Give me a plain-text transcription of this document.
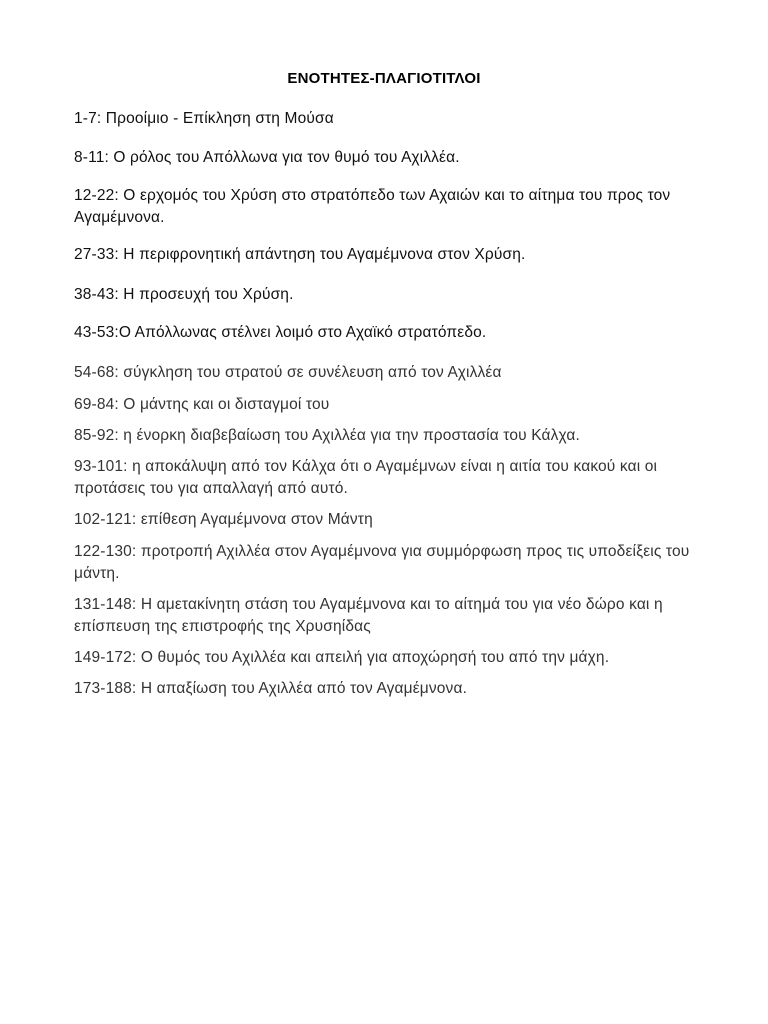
ΕΝΟΤΗΤΕΣ-ΠΛΑΓΙΟΤΙΤΛΟΙ
1-7: Προοίμιο - Επίκληση στη Μούσα
8-11: Ο ρόλος του Απόλλωνα για τον θυμό του Αχιλλέα.
12-22: Ο ερχομός του Χρύση στο στρατόπεδο των Αχαιών και το αίτημα του προς τον Αγαμέμνονα.
27-33: Η περιφρονητική απάντηση του Αγαμέμνονα στον Χρύση.
38-43: Η προσευχή του Χρύση.
43-53:Ο Απόλλωνας στέλνει λοιμό στο Αχαϊκό στρατόπεδο.
54-68: σύγκληση του στρατού σε συνέλευση από τον Αχιλλέα
69-84: Ο μάντης και οι δισταγμοί του
85-92: η ένορκη διαβεβαίωση του Αχιλλέα για την προστασία του Κάλχα.
93-101: η αποκάλυψη από τον Κάλχα ότι ο Αγαμέμνων είναι η αιτία του κακού και οι προτάσεις του για απαλλαγή από αυτό.
102-121: επίθεση Αγαμέμνονα στον Μάντη
122-130: προτροπή Αχιλλέα στον Αγαμέμνονα για συμμόρφωση προς τις υποδείξεις του μάντη.
131-148: Η αμετακίνητη στάση του Αγαμέμνονα και το αίτημά του για νέο δώρο και η επίσπευση της επιστροφής της Χρυσηίδας
149-172: Ο θυμός του Αχιλλέα και απειλή για αποχώρησή του από την μάχη.
173-188: Η απαξίωση του Αχιλλέα από τον Αγαμέμνονα.
